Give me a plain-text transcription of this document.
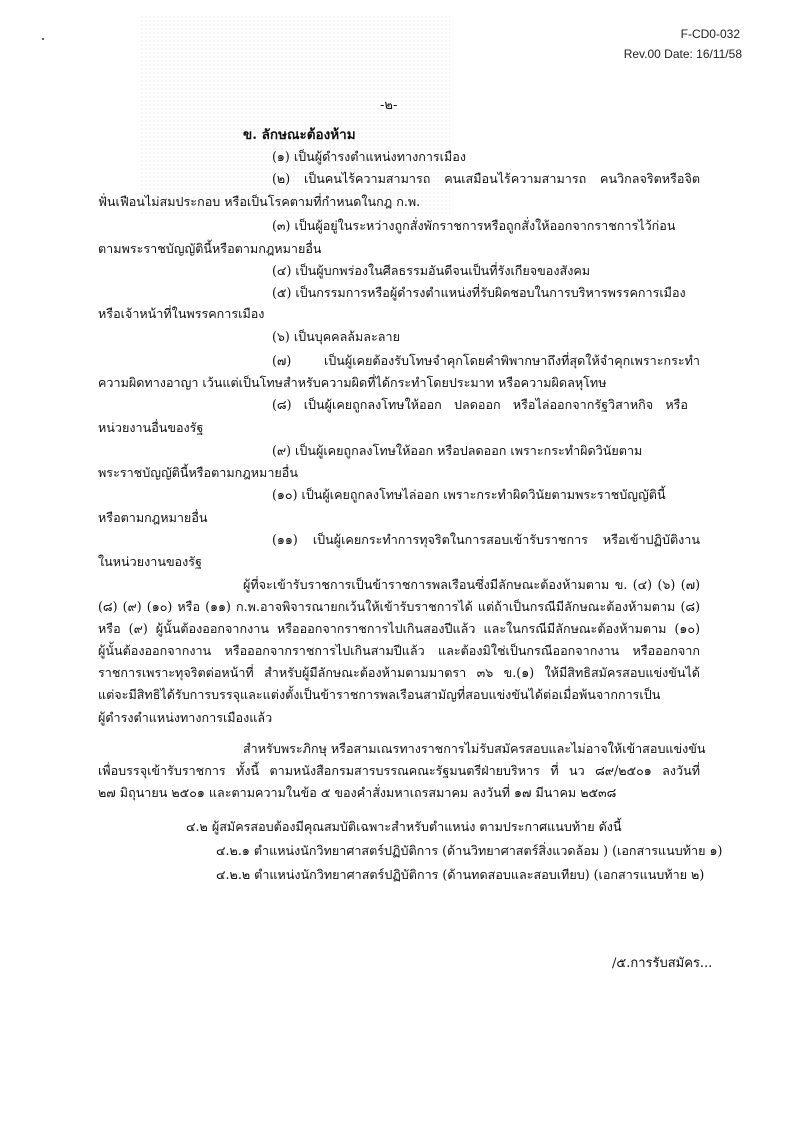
F-CD0-032
Rev.00 Date: 16/11/58
-๒-
ข. ลักษณะต้องห้าม
(๑) เป็นผู้ดำรงตำแหน่งทางการเมือง
(๒) เป็นคนไร้ความสามารถ คนเสมือนไร้ความสามารถ คนวิกลจริตหรือจิต
ฟั่นเฟือนไม่สมประกอบ หรือเป็นโรคตามที่กำหนดในกฎ ก.พ.
(๓) เป็นผู้อยู่ในระหว่างถูกสั่งพักราชการหรือถูกสั่งให้ออกจากราชการไว้ก่อน
ตามพระราชบัญญัตินี้หรือตามกฎหมายอื่น
(๔) เป็นผู้บกพร่องในศีลธรรมอันดีจนเป็นที่รังเกียจของสังคม
(๕) เป็นกรรมการหรือผู้ดำรงตำแหน่งที่รับผิดชอบในการบริหารพรรคการเมือง
หรือเจ้าหน้าที่ในพรรคการเมือง
(๖) เป็นบุคคลล้มละลาย
(๗) เป็นผู้เคยต้องรับโทษจำคุกโดยคำพิพากษาถึงที่สุดให้จำคุกเพราะกระทำ
ความผิดทางอาญา เว้นแต่เป็นโทษสำหรับความผิดที่ได้กระทำโดยประมาท หรือความผิดลหุโทษ
(๘) เป็นผู้เคยถูกลงโทษให้ออก ปลดออก หรือไล่ออกจากรัฐวิสาหกิจ หรือ
หน่วยงานอื่นของรัฐ
(๙) เป็นผู้เคยถูกลงโทษให้ออก หรือปลดออก เพราะกระทำผิดวินัยตาม
พระราชบัญญัตินี้หรือตามกฎหมายอื่น
(๑๐) เป็นผู้เคยถูกลงโทษไล่ออก เพราะกระทำผิดวินัยตามพระราชบัญญัตินี้
หรือตามกฎหมายอื่น
(๑๑) เป็นผู้เคยกระทำการทุจริตในการสอบเข้ารับราชการ หรือเข้าปฏิบัติงาน
ในหน่วยงานของรัฐ
ผู้ที่จะเข้ารับราชการเป็นข้าราชการพลเรือนซึ่งมีลักษณะต้องห้ามตาม ข. (๔) (๖) (๗)
(๘) (๙) (๑๐) หรือ (๑๑) ก.พ.อาจพิจารณายกเว้นให้เข้ารับราชการได้ แต่ถ้าเป็นกรณีมีลักษณะต้องห้ามตาม (๘)
หรือ (๙) ผู้นั้นต้องออกจากงาน หรือออกจากราชการไปเกินสองปีแล้ว และในกรณีมีลักษณะต้องห้ามตาม (๑๐)
ผู้นั้นต้องออกจากงาน หรือออกจากราชการไปเกินสามปีแล้ว และต้องมิใช่เป็นกรณีออกจากงาน หรือออกจาก
ราชการเพราะทุจริตต่อหน้าที่ สำหรับผู้มีลักษณะต้องห้ามตามมาตรา ๓๖ ข.(๑) ให้มีสิทธิสมัครสอบแข่งขันได้
แต่จะมีสิทธิได้รับการบรรจุและแต่งตั้งเป็นข้าราชการพลเรือนสามัญที่สอบแข่งขันได้ต่อเมื่อพ้นจากการเป็น
ผู้ดำรงตำแหน่งทางการเมืองแล้ว
สำหรับพระภิกษุ หรือสามเณรทางราชการไม่รับสมัครสอบและไม่อาจให้เข้าสอบแข่งขัน
เพื่อบรรจุเข้ารับราชการ ทั้งนี้ ตามหนังสือกรมสารบรรณคณะรัฐมนตรีฝ่ายบริหาร ที่ นว ๘๙/๒๕๐๑ ลงวันที่
๒๗ มิถุนายน ๒๕๐๑ และตามความในข้อ ๕ ของคำสั่งมหาเถรสมาคม ลงวันที่ ๑๗ มีนาคม ๒๕๓๘
๔.๒ ผู้สมัครสอบต้องมีคุณสมบัติเฉพาะสำหรับตำแหน่ง ตามประกาศแนบท้าย ดังนี้
๔.๒.๑ ตำแหน่งนักวิทยาศาสตร์ปฏิบัติการ (ด้านวิทยาศาสตร์สิ่งแวดล้อม ) (เอกสารแนบท้าย ๑)
๔.๒.๒ ตำแหน่งนักวิทยาศาสตร์ปฏิบัติการ (ด้านทดสอบและสอบเทียบ) (เอกสารแนบท้าย ๒)
/๕.การรับสมัคร...
